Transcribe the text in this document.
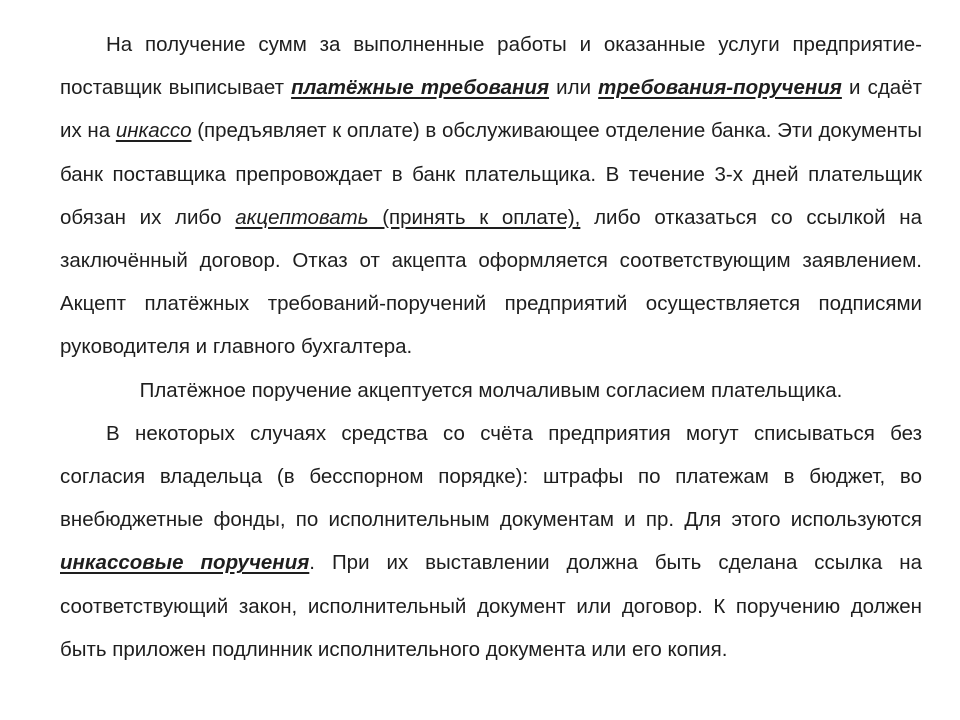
На получение сумм за выполненные работы и оказанные услуги предприятие-поставщик выписывает платёжные требования или требования-поручения и сдаёт их на инкассо (предъявляет к оплате) в обслуживающее отделение банка. Эти документы банк поставщика препровождает в банк плательщика. В течение 3-х дней плательщик обязан их либо акцептовать (принять к оплате), либо отказаться со ссылкой на заключённый договор. Отказ от акцепта оформляется соответствующим заявлением. Акцепт платёжных требований-поручений предприятий осуществляется подписями руководителя и главного бухгалтера.

Платёжное поручение акцептуется молчаливым согласием плательщика.

В некоторых случаях средства со счёта предприятия могут списываться без согласия владельца (в бесспорном порядке): штрафы по платежам в бюджет, во внебюджетные фонды, по исполнительным документам и пр. Для этого используются инкассовые поручения. При их выставлении должна быть сделана ссылка на соответствующий закон, исполнительный документ или договор. К поручению должен быть приложен подлинник исполнительного документа или его копия.
